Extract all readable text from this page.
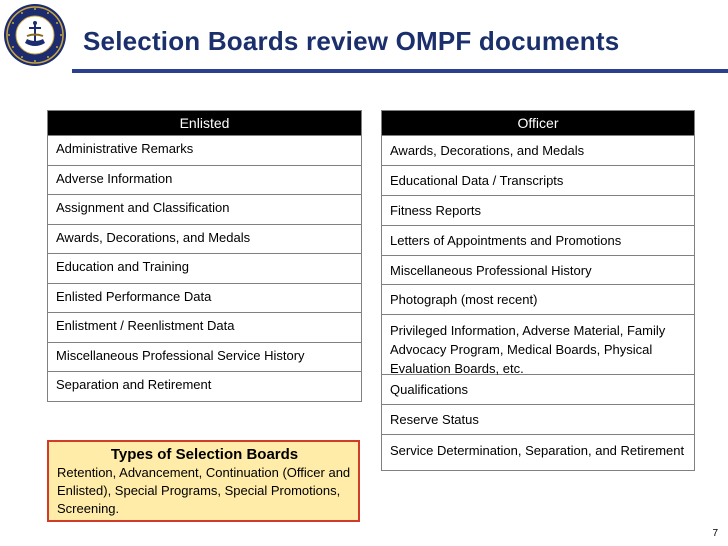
Selection Boards review OMPF documents
Enlisted
Administrative Remarks
Adverse Information
Assignment and Classification
Awards, Decorations, and Medals
Education and Training
Enlisted Performance Data
Enlistment / Reenlistment Data
Miscellaneous Professional Service History
Separation and Retirement
Officer
Awards, Decorations, and Medals
Educational Data / Transcripts
Fitness Reports
Letters of Appointments and Promotions
Miscellaneous Professional History
Photograph (most recent)
Privileged Information, Adverse Material, Family Advocacy Program, Medical Boards, Physical Evaluation Boards, etc.
Qualifications
Reserve Status
Service Determination, Separation, and Retirement
Types of Selection Boards
Retention, Advancement, Continuation (Officer and Enlisted), Special Programs, Special Promotions, Screening.
7
